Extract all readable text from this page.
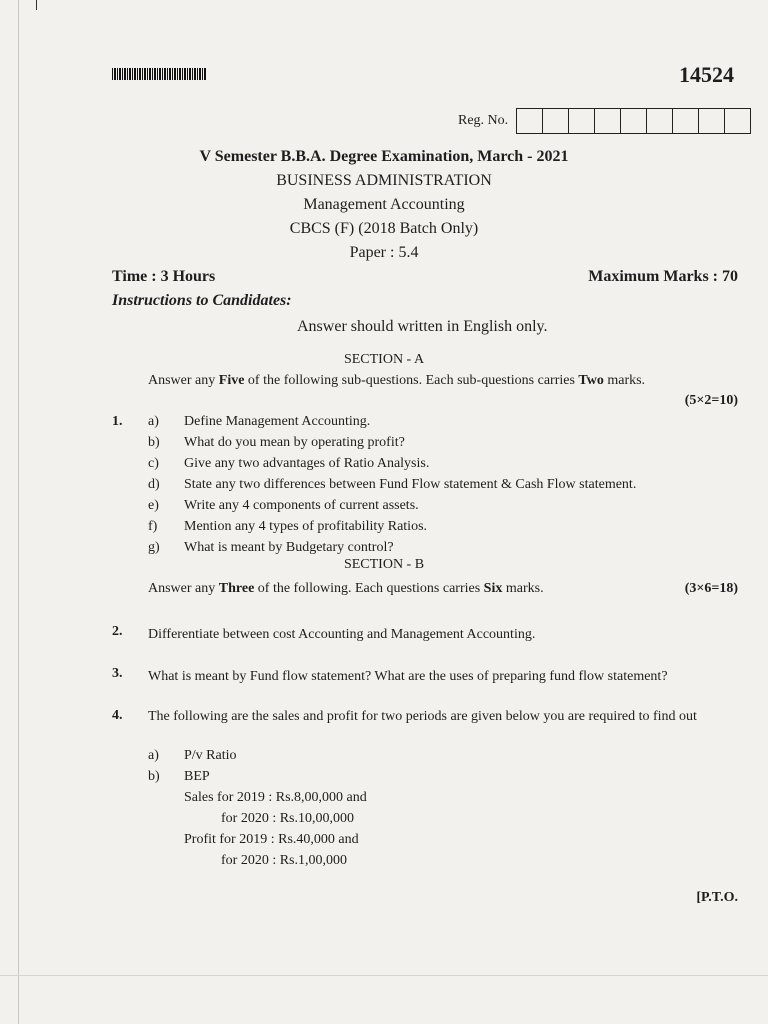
14524
Reg. No.
V Semester B.B.A. Degree Examination, March - 2021
BUSINESS ADMINISTRATION
Management Accounting
CBCS (F) (2018 Batch Only)
Paper : 5.4
Time : 3 Hours	Maximum Marks : 70
Instructions to Candidates:
Answer should written in English only.
SECTION - A
Answer any Five of the following sub-questions. Each sub-questions carries Two marks.
(5×2=10)
1. a) Define Management Accounting.
b) What do you mean by operating profit?
c) Give any two advantages of Ratio Analysis.
d) State any two differences between Fund Flow statement & Cash Flow statement.
e) Write any 4 components of current assets.
f) Mention any 4 types of profitability Ratios.
g) What is meant by Budgetary control?
SECTION - B
Answer any Three of the following. Each questions carries Six marks.	(3×6=18)
2. Differentiate between cost Accounting and Management Accounting.
3. What is meant by Fund flow statement? What are the uses of preparing fund flow statement?
4. The following are the sales and profit for two periods are given below you are required to find out
a) P/v Ratio
b) BEP
Sales for 2019 : Rs.8,00,000 and
for 2020 : Rs.10,00,000
Profit for 2019 : Rs.40,000 and
for 2020 : Rs.1,00,000
[P.T.O.
